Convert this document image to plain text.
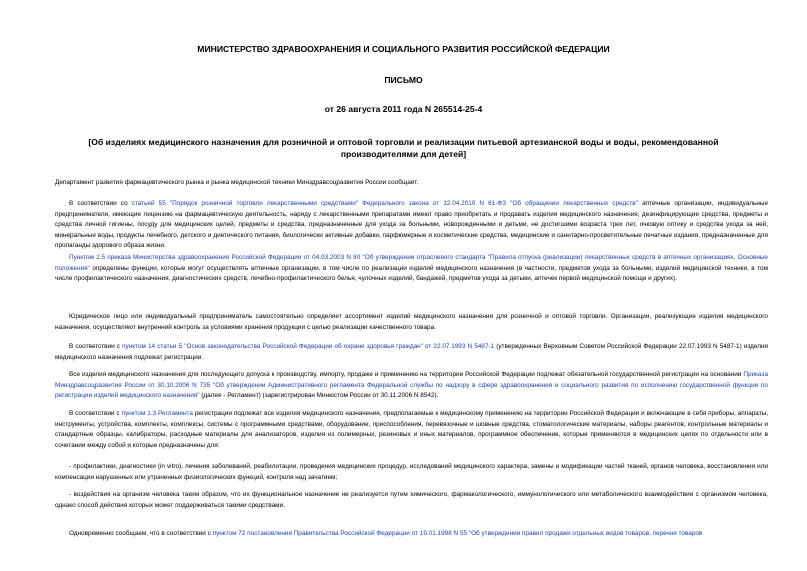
МИНИСТЕРСТВО ЗДРАВООХРАНЕНИЯ И СОЦИАЛЬНОГО РАЗВИТИЯ РОССИЙСКОЙ ФЕДЕРАЦИИ
ПИСЬМО
от 26 августа 2011 года N 265514-25-4
[Об изделиях медицинского назначения для розничной и оптовой торговли и реализации питьевой артезианской воды и воды, рекомендованной производителями для детей]

Департамент развития фармацевтического рынка и рынка медицинской техники Минздравсоцразвития России сообщает.

В соответствии со статьей 55 "Порядок розничной торговли лекарственными средствами" Федерального закона от 12.04.2010 N 61-ФЗ "Об обращении лекарственных средств" аптечные организации, индивидуальные предприниматели, имеющие лицензию на фармацевтическую деятельность, наряду с лекарственными препаратами имеют право приобретать и продавать изделия медицинского назначения, дезинфицирующие средства, предметы и средства личной гигиены, посуду для медицинских целей, предметы и средства, предназначенные для ухода за больными, новорожденными и детьми, не достигшими возраста трех лет, очковую оптику и средства ухода за ней, минеральные воды, продукты лечебного, детского и диетического питания, биологически активные добавки, парфюмерные и косметические средства, медицинские и санитарно-просветительные печатные издания, предназначенные для пропаганды здорового образа жизни.

Пунктом 2.5 приказа Министерства здравоохранения Российской Федерации от 04.03.2003 N 80 "Об утверждении отраслевого стандарта "Правила отпуска (реализации) лекарственных средств в аптечных организациях. Основные положения" определены функции, которые могут осуществлять аптечные организации, в том числе по реализации изделий медицинского назначения (в частности, предметов ухода за больными, изделий медицинской техники, в том числе профилактического назначения, диагностических средств, лечебно-профилактического белья, чулочных изделий, бандажей, предметов ухода за детьми, аптечек первой медицинской помощи и других).

Юридическое лицо или индивидуальный предприниматель самостоятельно определяет ассортимент изделий медицинского назначения для розничной и оптовой торговли. Организации, реализующие изделия медицинского назначения, осуществляют внутренний контроль за условиями хранения продукции с целью реализации качественного товара.

В соответствии с пунктом 14 статьи 5 "Основ законодательства Российской Федерации об охране здоровья граждан" от 22.07.1993 N 5487-1 (утвержденных Верховным Советом Российской Федерации 22.07.1993 N 5487-1) изделия медицинского назначения подлежат регистрации.

Все изделия медицинского назначения для последующего допуска к производству, импорту, продаже и применению на территории Российской Федерации подлежат обязательной государственной регистрации на основании Приказа Минздравсоцразвития России от 30.10.2006 N 735 "Об утверждении Административного регламента Федеральной службы по надзору в сфере здравоохранения и социального развития по исполнению государственной функции по регистрации изделий медицинского назначения" (далее - Регламент) (зарегистрирован Минюстом России от 30.11.2006 N 8542).

В соответствии с пунктом 1.3 Регламента регистрации подлежат все изделия медицинского назначения, предполагаемые к медицинскому применению на территории Российской Федерации и включающие в себя приборы, аппараты, инструменты, устройства, комплекты, комплексы, системы с программными средствами, оборудование, приспособления, перевязочные и шовные средства, стоматологические материалы, наборы реагентов, контрольные материалы и стандартные образцы, калибраторы, расходные материалы для анализаторов, изделия из полимерных, резиновых и иных материалов, программное обеспечение, которые применяются в медицинских целях по отдельности или в сочетании между собой и которые предназначены для:

- профилактики, диагностики (in vitro), лечения заболеваний, реабилитации, проведения медицинских процедур, исследований медицинского характера, замены и модификации частей тканей, органов человека, восстановления или компенсации нарушенных или утраченных физиологических функций, контроля над зачатием;

- воздействия на организм человека таким образом, что их функциональное назначение не реализуется путем химического, фармакологического, иммунологического или метаболического взаимодействия с организмом человека, однако способ действия которых может поддерживаться такими средствами.

Одновременно сообщаем, что в соответствии с пунктом 72 постановления Правительства Российской Федерации от 19.01.1998 N 55 "Об утверждении правил продажи отдельных видов товаров, перечня товаров
